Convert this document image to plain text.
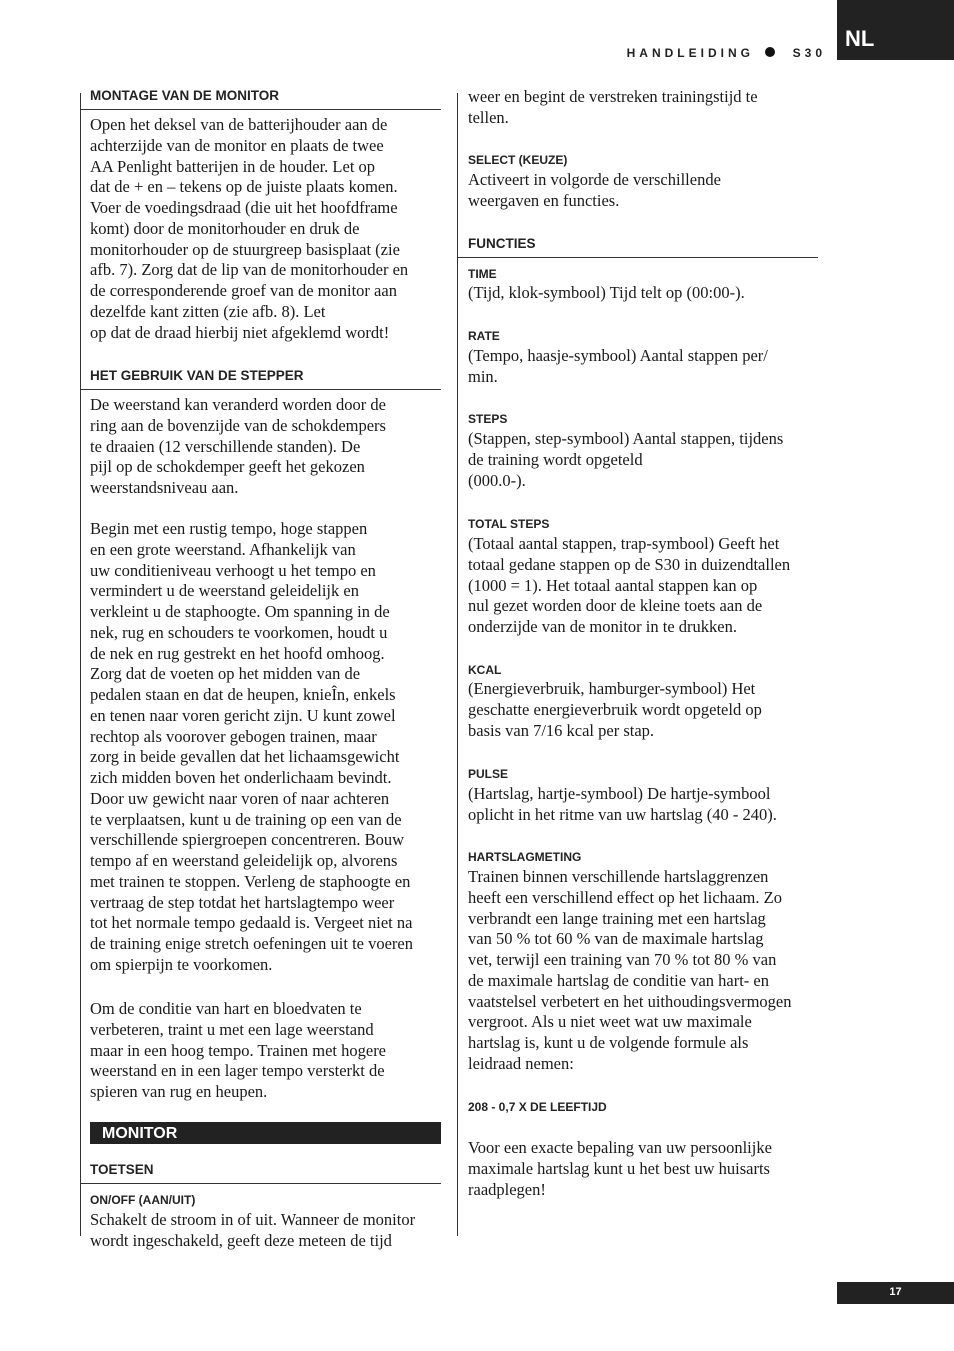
HANDLEIDING	S30
NL
MONTAGE VAN DE MONITOR
Open het deksel van de batterijhouder aan de
achterzijde van de monitor en plaats de twee
AA Penlight batterijen in de houder. Let op
dat de + en – tekens op de juiste plaats komen.
Voer de voedingsdraad (die uit het hoofdframe
komt) door de monitorhouder en druk de
monitorhouder op de stuurgreep basisplaat (zie
afb. 7). Zorg dat de lip van de monitorhouder en
de corresponderende groef van de monitor aan
dezelfde kant zitten (zie afb. 8). Let
op dat de draad hierbij niet afgeklemd wordt!
HET GEBRUIK VAN DE STEPPER
De weerstand kan veranderd worden door de
ring aan de bovenzijde van de schokdempers
te draaien (12 verschillende standen). De
pijl op de schokdemper geeft het gekozen
weerstandsniveau aan.
Begin met een rustig tempo, hoge stappen
en een grote weerstand. Afhankelijk van
uw conditieniveau verhoogt u het tempo en
vermindert u de weerstand geleidelijk en
verkleint u de staphoogte. Om spanning in de
nek, rug en schouders te voorkomen, houdt u
de nek en rug gestrekt en het hoofd omhoog.
Zorg dat de voeten op het midden van de
pedalen staan en dat de heupen, knieÎn, enkels
en tenen naar voren gericht zijn. U kunt zowel
rechtop als voorover gebogen trainen, maar
zorg in beide gevallen dat het lichaamsgewicht
zich midden boven het onderlichaam bevindt.
Door uw gewicht naar voren of naar achteren
te verplaatsen, kunt u de training op een van de
verschillende spiergroepen concentreren. Bouw
tempo af en weerstand geleidelijk op, alvorens
met trainen te stoppen. Verleng de staphoogte en
vertraag de step totdat het hartslagtempo weer
tot het normale tempo gedaald is. Vergeet niet na
de training enige stretch oefeningen uit te voeren
om spierpijn te voorkomen.
Om de conditie van hart en bloedvaten te
verbeteren, traint u met een lage weerstand
maar in een hoog tempo. Trainen met hogere
weerstand en in een lager tempo versterkt de
spieren van rug en heupen.
MONITOR
TOETSEN
ON/OFF (AAN/UIT)
Schakelt de stroom in of uit. Wanneer de monitor
wordt ingeschakeld, geeft deze meteen de tijd
weer en begint de verstreken trainingstijd te
tellen.
SELECT (KEUZE)
Activeert in volgorde de verschillende
weergaven en functies.
FUNCTIES
TIME
(Tijd, klok-symbool) Tijd telt op (00:00-).
RATE
(Tempo, haasje-symbool) Aantal stappen per/
min.
STEPS
(Stappen, step-symbool) Aantal stappen, tijdens
de training wordt opgeteld
(000.0-).
TOTAL STEPS
(Totaal aantal stappen, trap-symbool) Geeft het
totaal gedane stappen op de S30 in duizendtallen
(1000 = 1). Het totaal aantal stappen kan op
nul gezet worden door de kleine toets aan de
onderzijde van de monitor in te drukken.
KCAL
(Energieverbruik, hamburger-symbool) Het
geschatte energieverbruik wordt opgeteld op
basis van 7/16 kcal per stap.
PULSE
(Hartslag, hartje-symbool) De hartje-symbool
oplicht in het ritme van uw hartslag (40 - 240).
HARTSLAGMETING
Trainen binnen verschillende hartslaggrenzen
heeft een verschillend effect op het lichaam. Zo
verbrandt een lange training met een hartslag
van 50 % tot 60 % van de maximale hartslag
vet, terwijl een training van 70 % tot 80 % van
de maximale hartslag de conditie van hart- en
vaatstelsel verbetert en het uithoudingsvermogen
vergroot. Als u niet weet wat uw maximale
hartslag is, kunt u de volgende formule als
leidraad nemen:
208 - 0,7 X DE LEEFTIJD
Voor een exacte bepaling van uw persoonlijke
maximale hartslag kunt u het best uw huisarts
raadplegen!
17
